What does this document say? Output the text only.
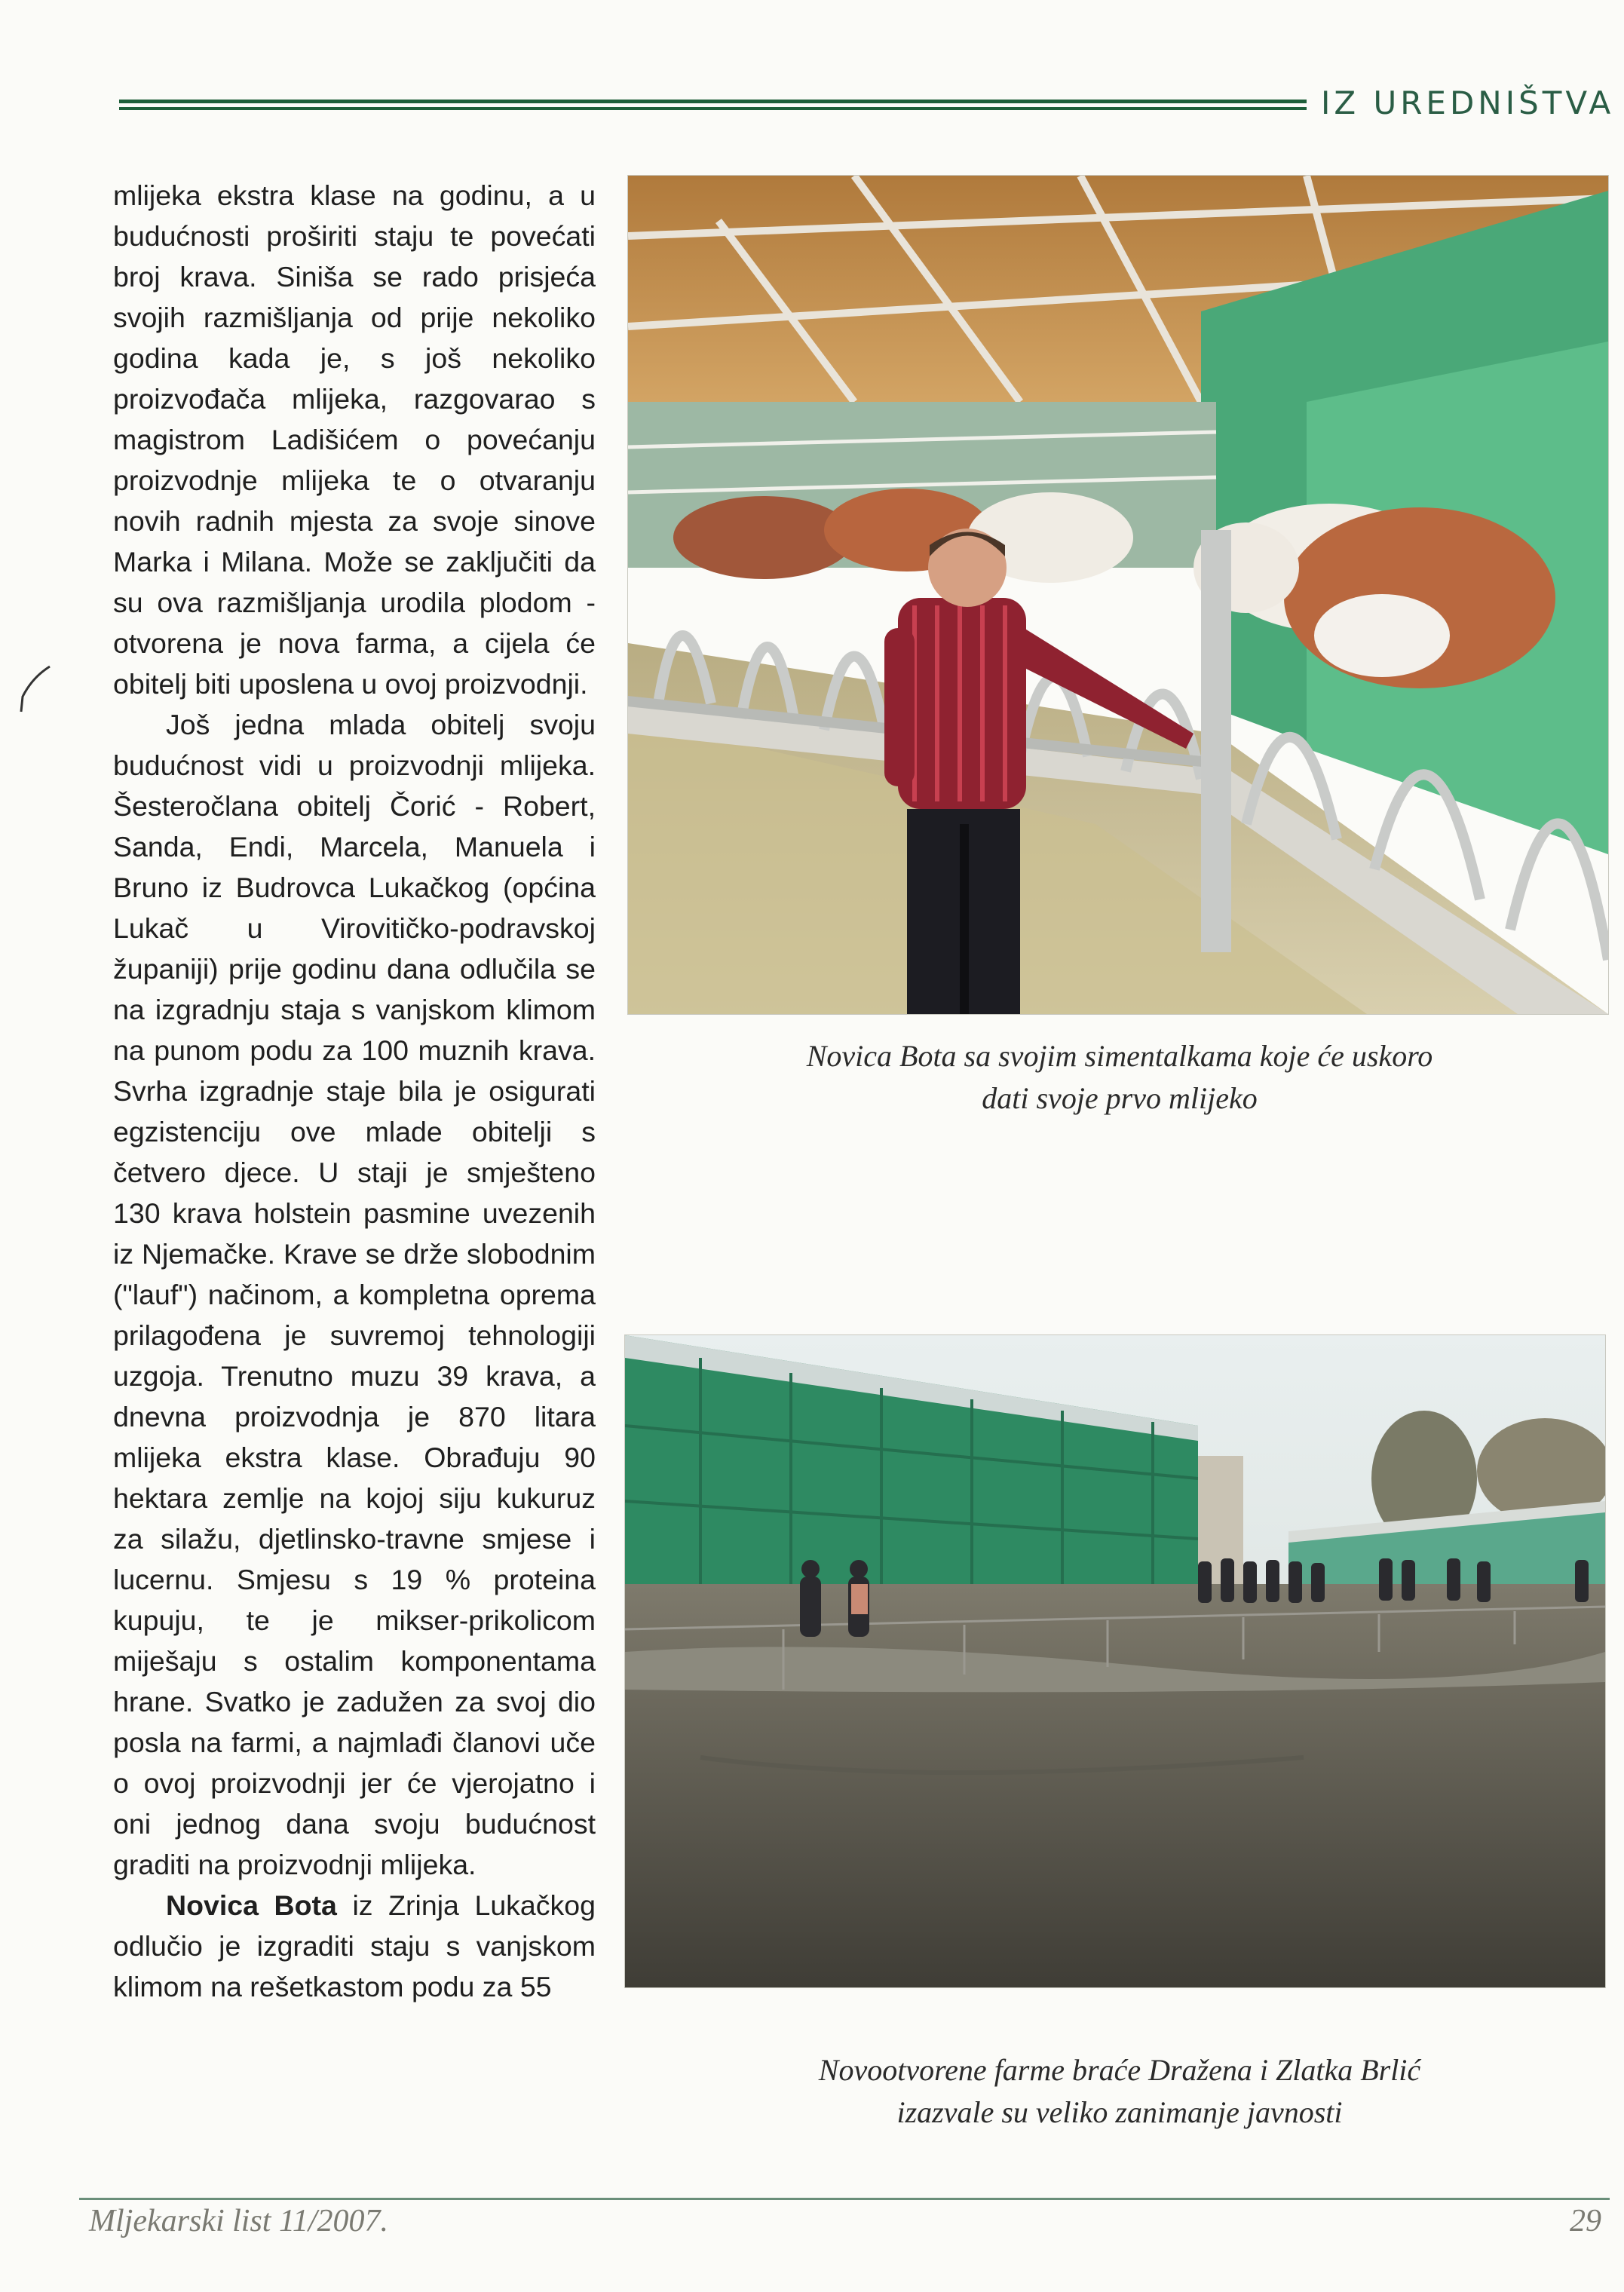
IZ UREDNIŠTVA

mlijeka ekstra klase na godinu, a u budućnosti proširiti staju te povećati broj krava. Siniša se rado prisjeća svojih razmišljanja od prije nekoliko godina kada je, s još nekoliko proizvođača mlijeka, razgovarao s magistrom Ladišićem o povećanju proizvodnje mlijeka te o otvaranju novih radnih mjesta za svoje sinove Marka i Milana. Može se zaključiti da su ova razmišljanja urodila plodom - otvorena je nova farma, a cijela će obitelj biti uposlena u ovoj proizvodnji.

Još jedna mlada obitelj svoju budućnost vidi u proizvodnji mlijeka. Šesteročlana obitelj Čorić - Robert, Sanda, Endi, Marcela, Manuela i Bruno iz Budrovca Lukačkog (općina Lukač u Virovitičko-podravskoj županiji) prije godinu dana odlučila se na izgradnju staja s vanjskom klimom na punom podu za 100 muznih krava. Svrha izgradnje staje bila je osigurati egzistenciju ove mlade obitelji s četvero djece. U staji je smješteno 130 krava holstein pasmine uvezenih iz Njemačke. Krave se drže slobodnim ("lauf") načinom, a kompletna oprema prilagođena je suvremoj tehnologiji uzgoja. Trenutno muzu 39 krava, a dnevna proizvodnja je 870 litara mlijeka ekstra klase. Obrađuju 90 hektara zemlje na kojoj siju kukuruz za silažu, djetlinsko-travne smjese i lucernu. Smjesu s 19 % proteina kupuju, te je mikser-prikolicom miješaju s ostalim komponentama hrane. Svatko je zadužen za svoj dio posla na farmi, a najmlađi članovi uče o ovoj proizvodnji jer će vjerojatno i oni jednog dana svoju budućnost graditi na proizvodnji mlijeka.

Novica Bota iz Zrinja Lukačkog odlučio je izgraditi staju s vanjskom klimom na rešetkastom podu za 55

Novica Bota sa svojim simentalkama koje će uskoro
dati svoje prvo mlijeko
Novootvorene farme braće Dražena i Zlatka Brlić
izazvale su veliko zanimanje javnosti
Mljekarski list 11/2007.	29
